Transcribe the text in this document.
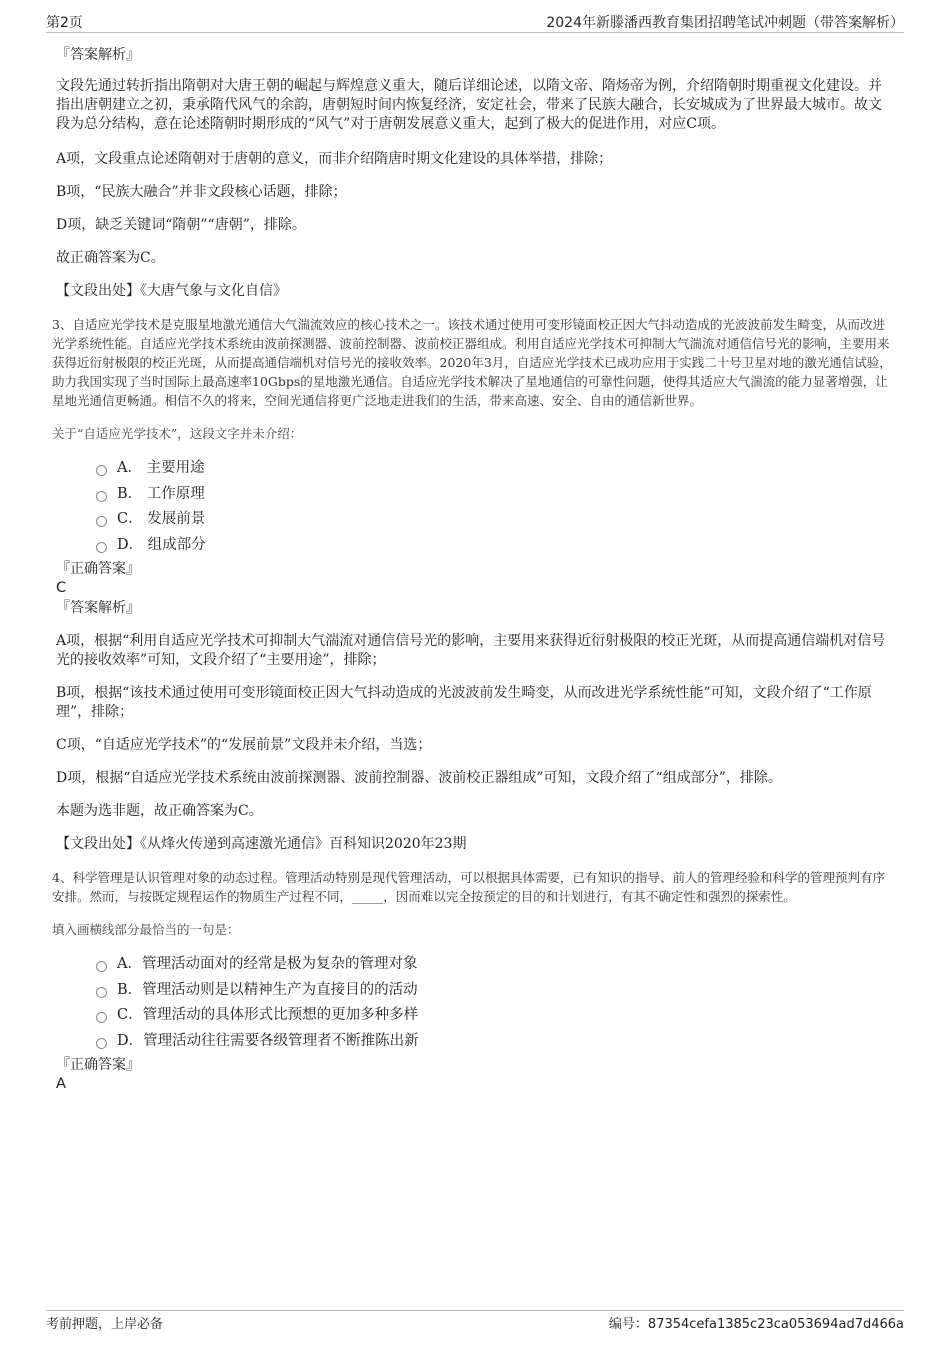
第2页	2024年新滕潘西教育集团招聘笔试冲刺题（带答案解析）

『答案解析』

文段先通过转折指出隋朝对大唐王朝的崛起与辉煌意义重大，随后详细论述，以隋文帝、隋炀帝为例，介绍隋朝时期重视文化建设。并指出唐朝建立之初，秉承隋代风气的余韵，唐朝短时间内恢复经济，安定社会，带来了民族大融合，长安城成为了世界最大城市。故文段为总分结构，意在论述隋朝时期形成的“风气”对于唐朝发展意义重大，起到了极大的促进作用，对应C项。

A项，文段重点论述隋朝对于唐朝的意义，而非介绍隋唐时期文化建设的具体举措，排除；

B项，“民族大融合”并非文段核心话题，排除；

D项，缺乏关键词“隋朝”“唐朝”，排除。

故正确答案为C。

【文段出处】《大唐气象与文化自信》

3、自适应光学技术是克服星地激光通信大气湍流效应的核心技术之一。该技术通过使用可变形镜面校正因大气抖动造成的光波波前发生畸变，从而改进光学系统性能。自适应光学技术系统由波前探测器、波前控制器、波前校正器组成。利用自适应光学技术可抑制大气湍流对通信信号光的影响，主要用来获得近衍射极限的校正光斑，从而提高通信端机对信号光的接收效率。2020年3月，自适应光学技术已成功应用于实践二十号卫星对地的激光通信试验，助力我国实现了当时国际上最高速率10Gbps的星地激光通信。自适应光学技术解决了星地通信的可靠性问题，使得其适应大气湍流的能力显著增强，让星地光通信更畅通。相信不久的将来，空间光通信将更广泛地走进我们的生活，带来高速、安全、自由的通信新世界。

关于“自适应光学技术”，这段文字并未介绍：

A． 主要用途
B． 工作原理
C． 发展前景
D． 组成部分

『正确答案』

C

『答案解析』

A项，根据“利用自适应光学技术可抑制大气湍流对通信信号光的影响，主要用来获得近衍射极限的校正光斑，从而提高通信端机对信号光的接收效率”可知，文段介绍了“主要用途”，排除；

B项，根据“该技术通过使用可变形镜面校正因大气抖动造成的光波波前发生畸变，从而改进光学系统性能”可知，文段介绍了“工作原理”，排除；

C项，“自适应光学技术”的“发展前景”文段并未介绍，当选；

D项，根据“自适应光学技术系统由波前探测器、波前控制器、波前校正器组成”可知，文段介绍了“组成部分”，排除。

本题为选非题，故正确答案为C。

【文段出处】《从烽火传递到高速激光通信》百科知识2020年23期

4、科学管理是认识管理对象的动态过程。管理活动特别是现代管理活动，可以根据具体需要，已有知识的指导、前人的管理经验和科学的管理预判有序安排。然而，与按既定规程运作的物质生产过程不同，_____，因而难以完全按预定的目的和计划进行，有其不确定性和强烈的探索性。

填入画横线部分最恰当的一句是：

A．管理活动面对的经常是极为复杂的管理对象
B．管理活动则是以精神生产为直接目的的活动
C．管理活动的具体形式比预想的更加多种多样
D．管理活动往往需要各级管理者不断推陈出新

『正确答案』

A

考前押题，上岸必备	编号：87354cefa1385c23ca053694ad7d466a
